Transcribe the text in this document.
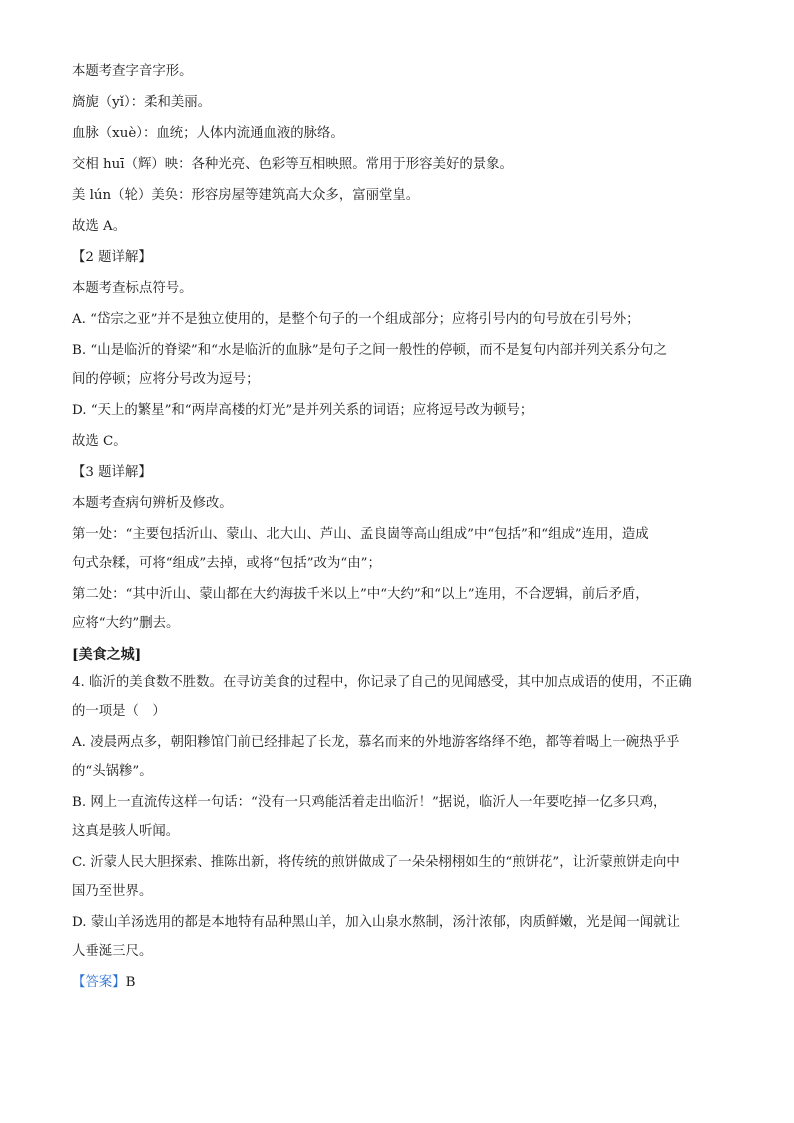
本题考查字音字形。
旖旎（yǐ）：柔和美丽。
血脉（xuè）：血统；人体内流通血液的脉络。
交相 huī（辉）映：各种光亮、色彩等互相映照。常用于形容美好的景象。
美 lún（轮）美奂：形容房屋等建筑高大众多，富丽堂皇。
故选 A。
【2 题详解】
本题考查标点符号。
A. “岱宗之亚”并不是独立使用的，是整个句子的一个组成部分；应将引号内的句号放在引号外；
B. “山是临沂的脊梁”和“水是临沂的血脉”是句子之间一般性的停顿，而不是复句内部并列关系分句之
间的停顿；应将分号改为逗号；
D. “天上的繁星”和“两岸高楼的灯光”是并列关系的词语；应将逗号改为顿号；
故选 C。
【3 题详解】
本题考查病句辨析及修改。
第一处：“主要包括沂山、蒙山、北大山、芦山、孟良崮等高山组成”中“包括”和“组成”连用，造成
句式杂糅，可将“组成”去掉，或将“包括”改为“由”；
第二处：“其中沂山、蒙山都在大约海拔千米以上”中“大约”和“以上”连用，不合逻辑，前后矛盾，
应将“大约”删去。
[美食之城]
4. 临沂的美食数不胜数。在寻访美食的过程中，你记录了自己的见闻感受，其中加点成语的使用，不正确
的一项是（　）
A. 凌晨两点多，朝阳糁馆门前已经排起了长龙，慕名而来的外地游客络绎不绝，都等着喝上一碗热乎乎
的“头锅糁”。
B. 网上一直流传这样一句话：“没有一只鸡能活着走出临沂！”据说，临沂人一年要吃掉一亿多只鸡，
这真是骇人听闻。
C. 沂蒙人民大胆探索、推陈出新，将传统的煎饼做成了一朵朵栩栩如生的“煎饼花”，让沂蒙煎饼走向中
国乃至世界。
D. 蒙山羊汤选用的都是本地特有品种黑山羊，加入山泉水熬制，汤汁浓郁，肉质鲜嫩，光是闻一闻就让
人垂涎三尺。
【答案】B
